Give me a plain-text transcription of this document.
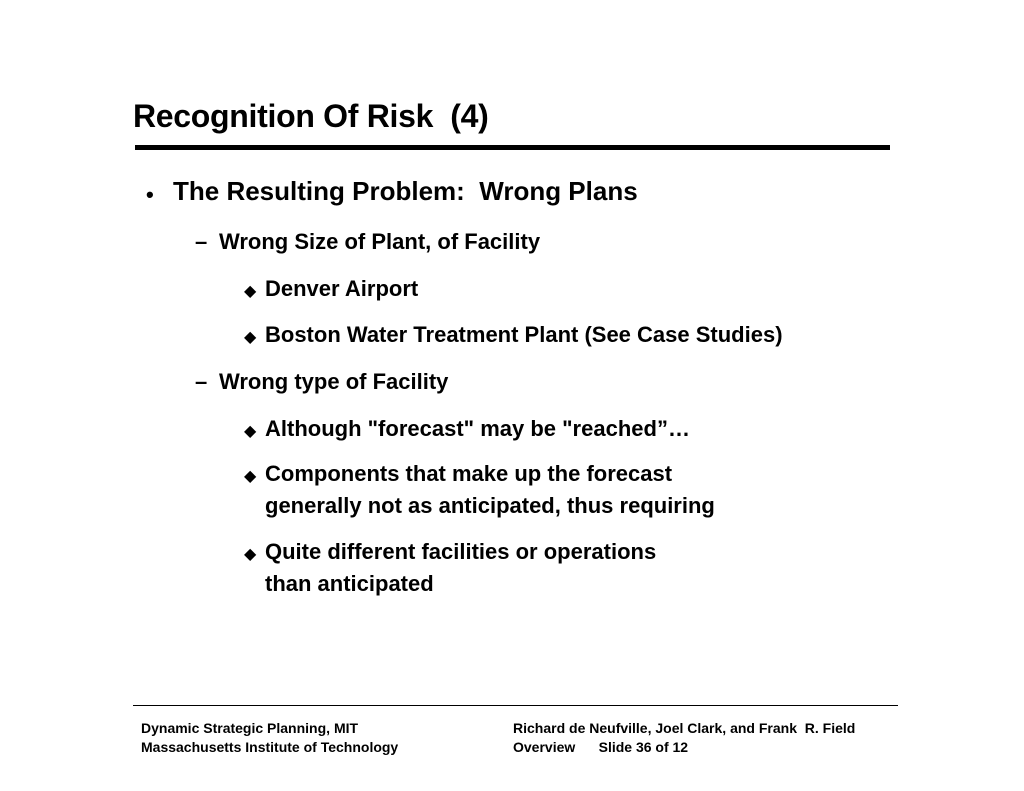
Recognition Of Risk  (4)
• The Resulting Problem:  Wrong Plans
– Wrong Size of Plant, of Facility
◆ Denver Airport
◆ Boston Water Treatment Plant (See Case Studies)
– Wrong type of Facility
◆ Although "forecast" may be "reached”…
◆ Components that make up the forecast
generally not as anticipated, thus requiring
◆ Quite different facilities or operations
than anticipated
Dynamic Strategic Planning, MIT
Massachusetts Institute of Technology
Richard de Neufville, Joel Clark, and Frank  R. Field
Overview      Slide 36 of 12
